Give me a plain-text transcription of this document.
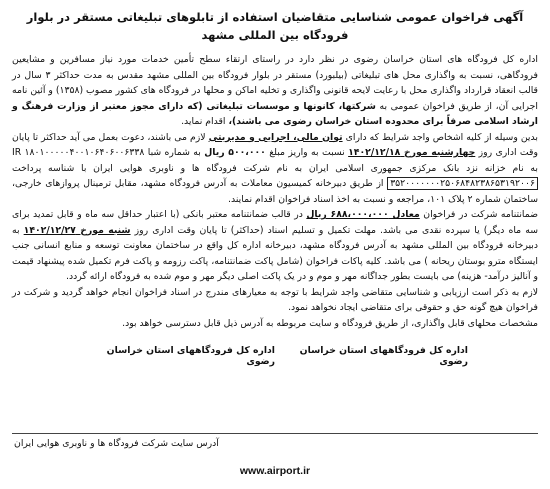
آگهی فراخوان عمومی شناسایی متقاضیان استفاده از تابلوهای تبلیغاتی مستقر در بلوار
فرودگاه بین المللی مشهد

اداره کل فرودگاه های استان خراسان رضوی در نظر دارد در راستای ارتقاء سطح تأمین خدمات مورد نیاز مسافرین و مشایعین فرودگاهی، نسبت به واگذاری محل های تبلیغاتی (بیلبورد) مستقر در بلوار فرودگاه بین المللی مشهد مقدس به مدت حداکثر ۳ سال در قالب انعقاد قرارداد واگذاری محل با رعایت لایحه قانونی واگذاری و تخلیه اماکن و محلها در فرودگاه های کشور مصوب (۱۳۵۸) و آئین نامه اجرایی آن، از طریق فراخوان عمومی به شرکتها، کانونها و موسسات تبلیغاتی (که دارای مجوز معتبر از وزارت فرهنگ و ارشاد اسلامی صرفاً برای محدوده استان خراسان رضوی می باشند)، اقدام نماید.

بدین وسیله از کلیه اشخاص واجد شرایط که دارای توان مالی، اجرایی و مدیریتی لازم می باشند، دعوت بعمل می آید حداکثر تا پایان وقت اداری روز چهارشنبه مورخ ۱۴۰۲/۱۲/۱۸ نسبت به واریز مبلغ ۵۰۰،۰۰۰ ریال به شماره شبا IR ۱۸۰۱۰۰۰۰۰۴۰۰۱۰۶۴۰۶۰۰۶۳۳۸ به نام خزانه نزد بانک مرکزی جمهوری اسلامی ایران به نام شرکت فرودگاه ها و ناوبری هوایی ایران با شناسه پرداخت ۳۵۲۰۰۰۰۰۰۰۲۵۰۶۸۴۸۲۳۸۶۵۳۱۹۲۰۰۶ از طریق دبیرخانه کمیسیون معاملات به آدرس فرودگاه مشهد، مقابل ترمینال پروازهای خارجی، ساختمان شماره ۲ پلاک ۱۰۱، مراجعه و نسبت به اخذ اسناد فراخوان اقدام نمایند.

ضمانتنامه شرکت در فراخوان معادل ۶۸۸،۰۰۰،۰۰۰ ریال در قالب ضمانتنامه معتبر بانکی (با اعتبار حداقل سه ماه و قابل تمدید برای سه ماه دیگر) یا سپرده نقدی می باشد. مهلت تکمیل و تسلیم اسناد (حداکثر) تا پایان وقت اداری روز شنبه مورخ ۱۴۰۲/۱۲/۲۷ به دبیرخانه فرودگاه بین المللی مشهد به آدرس فرودگاه مشهد، دبیرخانه اداره کل واقع در ساختمان معاونت توسعه و منابع انسانی جنب ایستگاه مترو بوستان ریحانه ) می باشد. کلیه پاکات فراخوان (شامل پاکت ضمانتنامه، پاکت رزومه و پاکت فرم تکمیل شده پیشنهاد قیمت و آنالیز درآمد- هزینه) می بایست بطور جداگانه مهر و موم و در یک پاکت اصلی دیگر مهر و موم شده به فرودگاه ارائه گردد.

لازم به ذکر است ارزیابی و شناسایی متقاضی واجد شرایط با توجه به معیارهای مندرج در اسناد فراخوان انجام خواهد گردید و شرکت در فراخوان هیچ گونه حق و حقوقی برای متقاضی ایجاد نخواهد نمود.

مشخصات محلهای قابل واگذاری، از طریق فرودگاه و سایت مربوطه به آدرس ذیل قابل دسترسی خواهد بود.

اداره کل فرودگاههای استان خراسان رضوی
اداره کل فرودگاههای استان خراسان رضوی
آدرس سایت شرکت فرودگاه ها و ناوبری هوایی ایران
www.airport.ir
